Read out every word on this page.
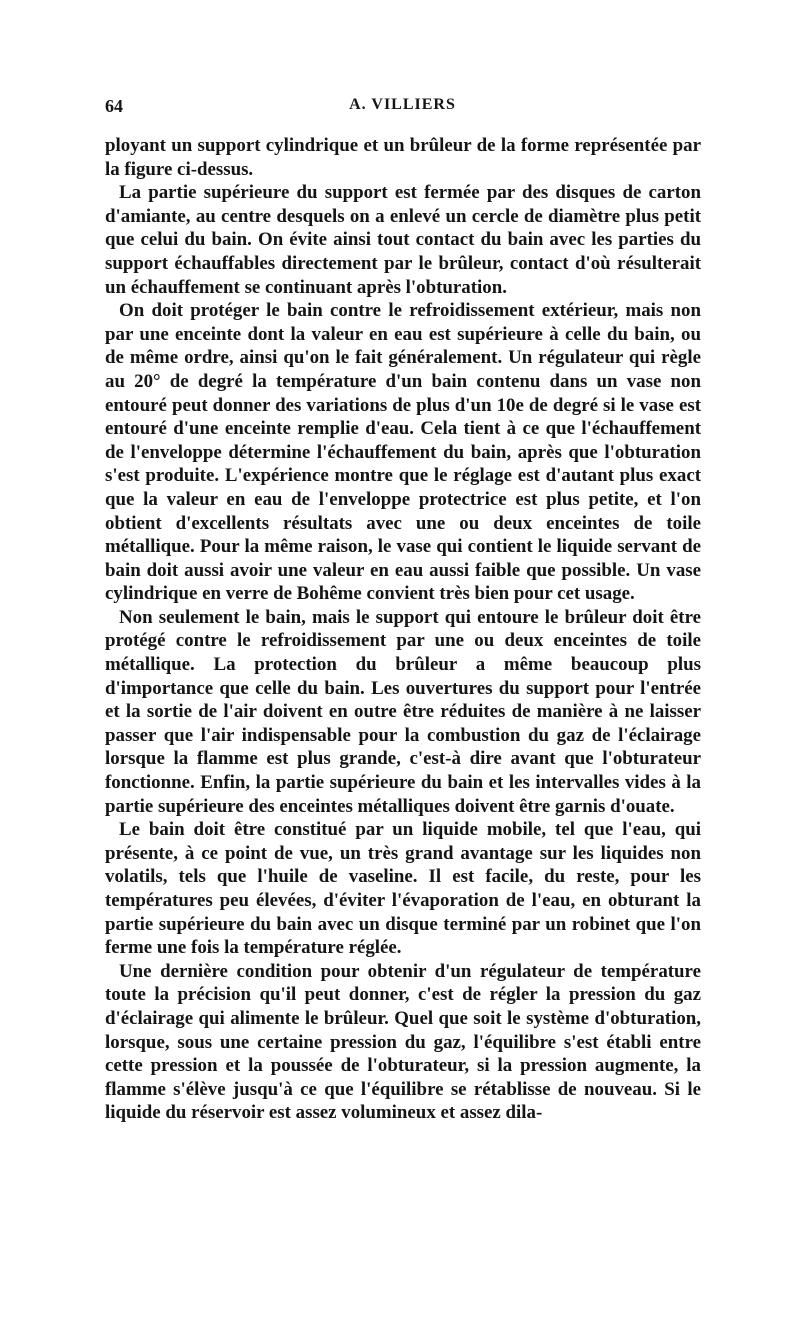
64	A. VILLIERS

ployant un support cylindrique et un brûleur de la forme représentée par la figure ci-dessus.

La partie supérieure du support est fermée par des disques de carton d'amiante, au centre desquels on a enlevé un cercle de diamètre plus petit que celui du bain. On évite ainsi tout contact du bain avec les parties du support échauffables directement par le brûleur, contact d'où résulterait un échauffement se continuant après l'obturation.

On doit protéger le bain contre le refroidissement extérieur, mais non par une enceinte dont la valeur en eau est supérieure à celle du bain, ou de même ordre, ainsi qu'on le fait généralement. Un régulateur qui règle au 20° de degré la température d'un bain contenu dans un vase non entouré peut donner des variations de plus d'un 10e de degré si le vase est entouré d'une enceinte remplie d'eau. Cela tient à ce que l'échauffement de l'enveloppe détermine l'échauffement du bain, après que l'obturation s'est produite. L'expérience montre que le réglage est d'autant plus exact que la valeur en eau de l'enveloppe protectrice est plus petite, et l'on obtient d'excellents résultats avec une ou deux enceintes de toile métallique. Pour la même raison, le vase qui contient le liquide servant de bain doit aussi avoir une valeur en eau aussi faible que possible. Un vase cylindrique en verre de Bohême convient très bien pour cet usage.

Non seulement le bain, mais le support qui entoure le brûleur doit être protégé contre le refroidissement par une ou deux enceintes de toile métallique. La protection du brûleur a même beaucoup plus d'importance que celle du bain. Les ouvertures du support pour l'entrée et la sortie de l'air doivent en outre être réduites de manière à ne laisser passer que l'air indispensable pour la combustion du gaz de l'éclairage lorsque la flamme est plus grande, c'est-à dire avant que l'obturateur fonctionne. Enfin, la partie supérieure du bain et les intervalles vides à la partie supérieure des enceintes métalliques doivent être garnis d'ouate.

Le bain doit être constitué par un liquide mobile, tel que l'eau, qui présente, à ce point de vue, un très grand avantage sur les liquides non volatils, tels que l'huile de vaseline. Il est facile, du reste, pour les températures peu élevées, d'éviter l'évaporation de l'eau, en obturant la partie supérieure du bain avec un disque terminé par un robinet que l'on ferme une fois la température réglée.

Une dernière condition pour obtenir d'un régulateur de température toute la précision qu'il peut donner, c'est de régler la pression du gaz d'éclairage qui alimente le brûleur. Quel que soit le système d'obturation, lorsque, sous une certaine pression du gaz, l'équilibre s'est établi entre cette pression et la poussée de l'obturateur, si la pression augmente, la flamme s'élève jusqu'à ce que l'équilibre se rétablisse de nouveau. Si le liquide du réservoir est assez volumineux et assez dila-
